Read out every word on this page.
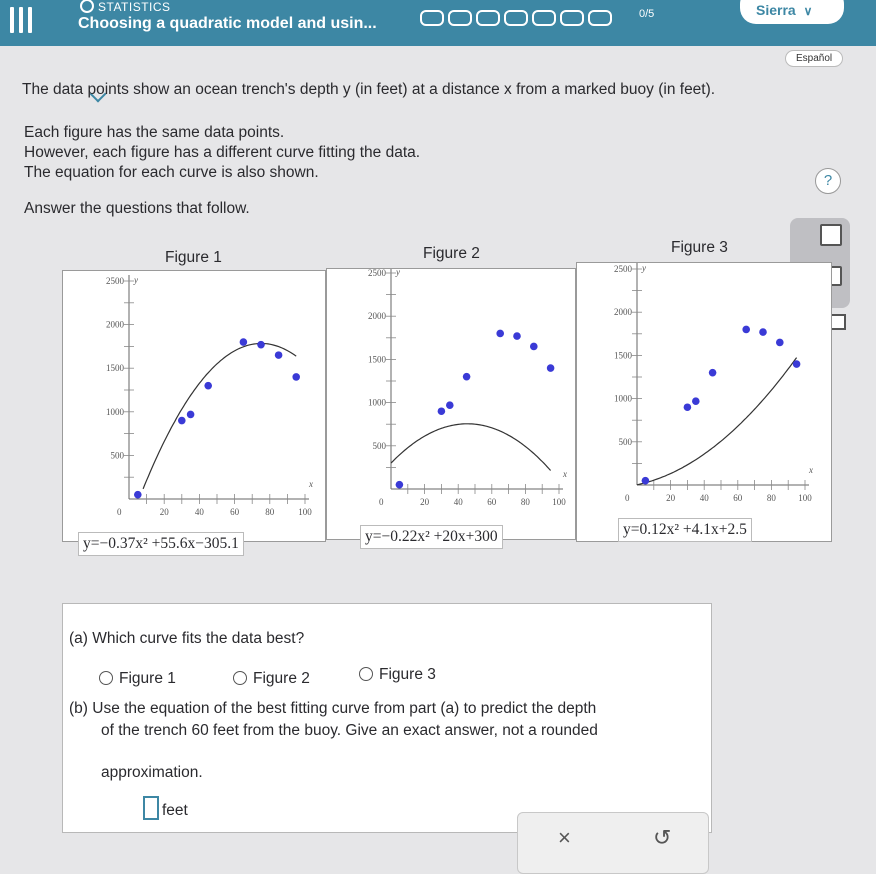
STATISTICS
Choosing a quadratic model and usin...
0/5	Sierra ∨
Español
The data points show an ocean trench's depth y (in feet) at a distance x from a marked buoy (in feet).
Each figure has the same data points.
However, each figure has a different curve fitting the data.
The equation for each curve is also shown.
Answer the questions that follow.
?
Figure 1
20	40	60	80	100
500
1000
1500
2000
2500
0
x
y
y=−0.37x² +55.6x−305.1
Figure 2
20	40	60	80 100
500
1000
1500
2000
2500
0
x
y
y=−0.22x² +20x+300
Figure 3
20	40	60	80 100
500
1000
1500
2000
2500
0
x
y
y=0.12x² +4.1x+2.5
(a) Which curve fits the data best?
Figure 1	Figure 2	Figure 3
(b) Use the equation of the best fitting curve from part (a) to predict the depth
of the trench 60 feet from the buoy. Give an exact answer, not a rounded
approximation.
feet
×	↺
